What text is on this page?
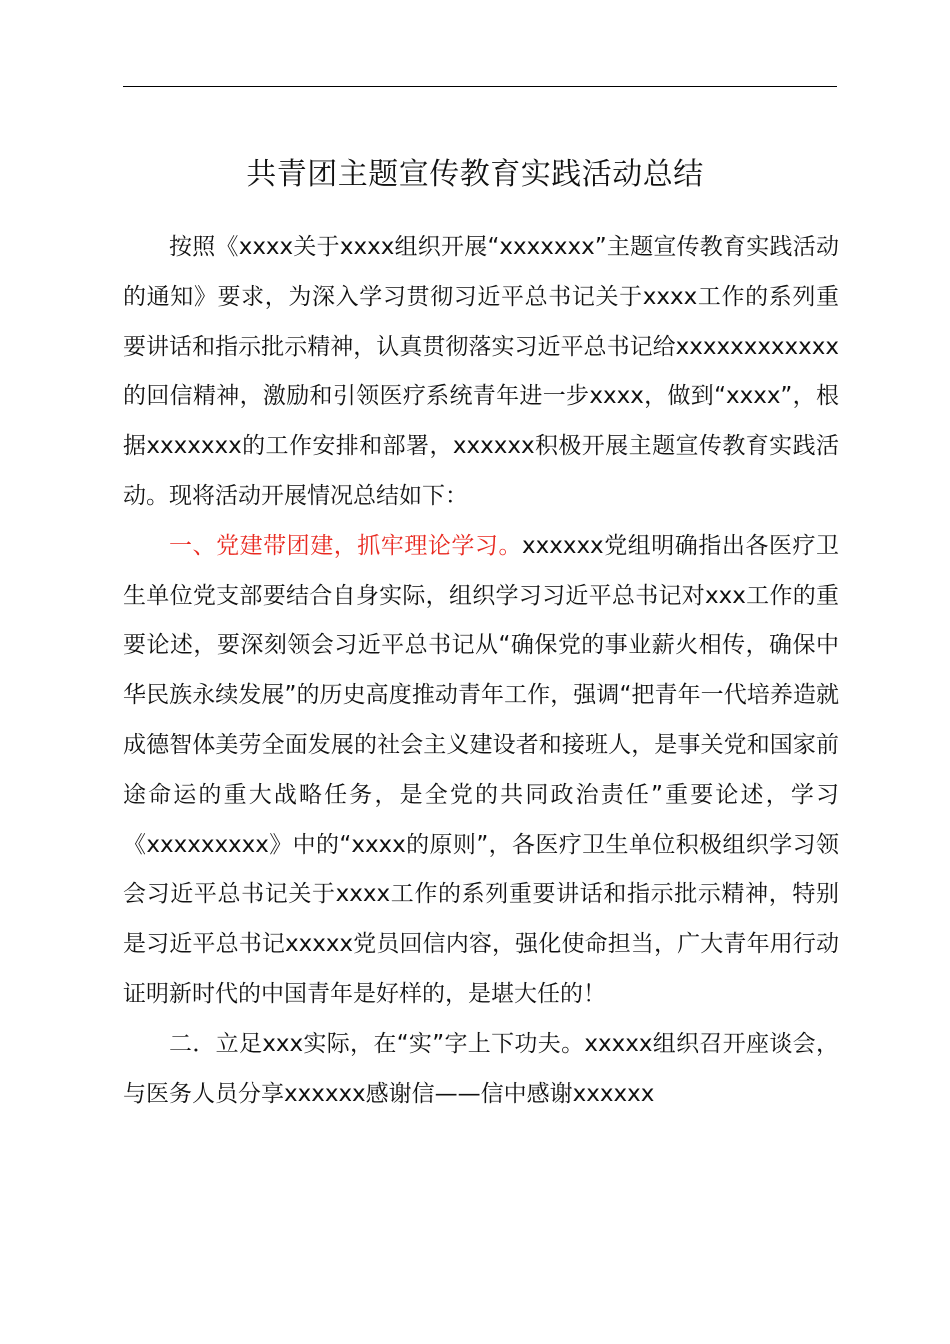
共青团主题宣传教育实践活动总结

按照《xxxx关于xxxx组织开展“xxxxxxx”主题宣传教育实践活动的通知》要求，为深入学习贯彻习近平总书记关于xxxx工作的系列重要讲话和指示批示精神，认真贯彻落实习近平总书记给xxxxxxxxxxxx的回信精神，激励和引领医疗系统青年进一步xxxx，做到“xxxx”，根据xxxxxxx的工作安排和部署，xxxxxx积极开展主题宣传教育实践活动。现将活动开展情况总结如下：

一、党建带团建，抓牢理论学习。xxxxxx党组明确指出各医疗卫生单位党支部要结合自身实际，组织学习习近平总书记对xxx工作的重要论述，要深刻领会习近平总书记从“确保党的事业薪火相传，确保中华民族永续发展”的历史高度推动青年工作，强调“把青年一代培养造就成德智体美劳全面发展的社会主义建设者和接班人，是事关党和国家前途命运的重大战略任务，是全党的共同政治责任”重要论述，学习《xxxxxxxxx》中的“xxxx的原则”，各医疗卫生单位积极组织学习领会习近平总书记关于xxxx工作的系列重要讲话和指示批示精神，特别是习近平总书记xxxxx党员回信内容，强化使命担当，广大青年用行动证明新时代的中国青年是好样的，是堪大任的！

二．立足xxx实际，在“实”字上下功夫。xxxxx组织召开座谈会，与医务人员分享xxxxxx感谢信——信中感谢xxxxxx
